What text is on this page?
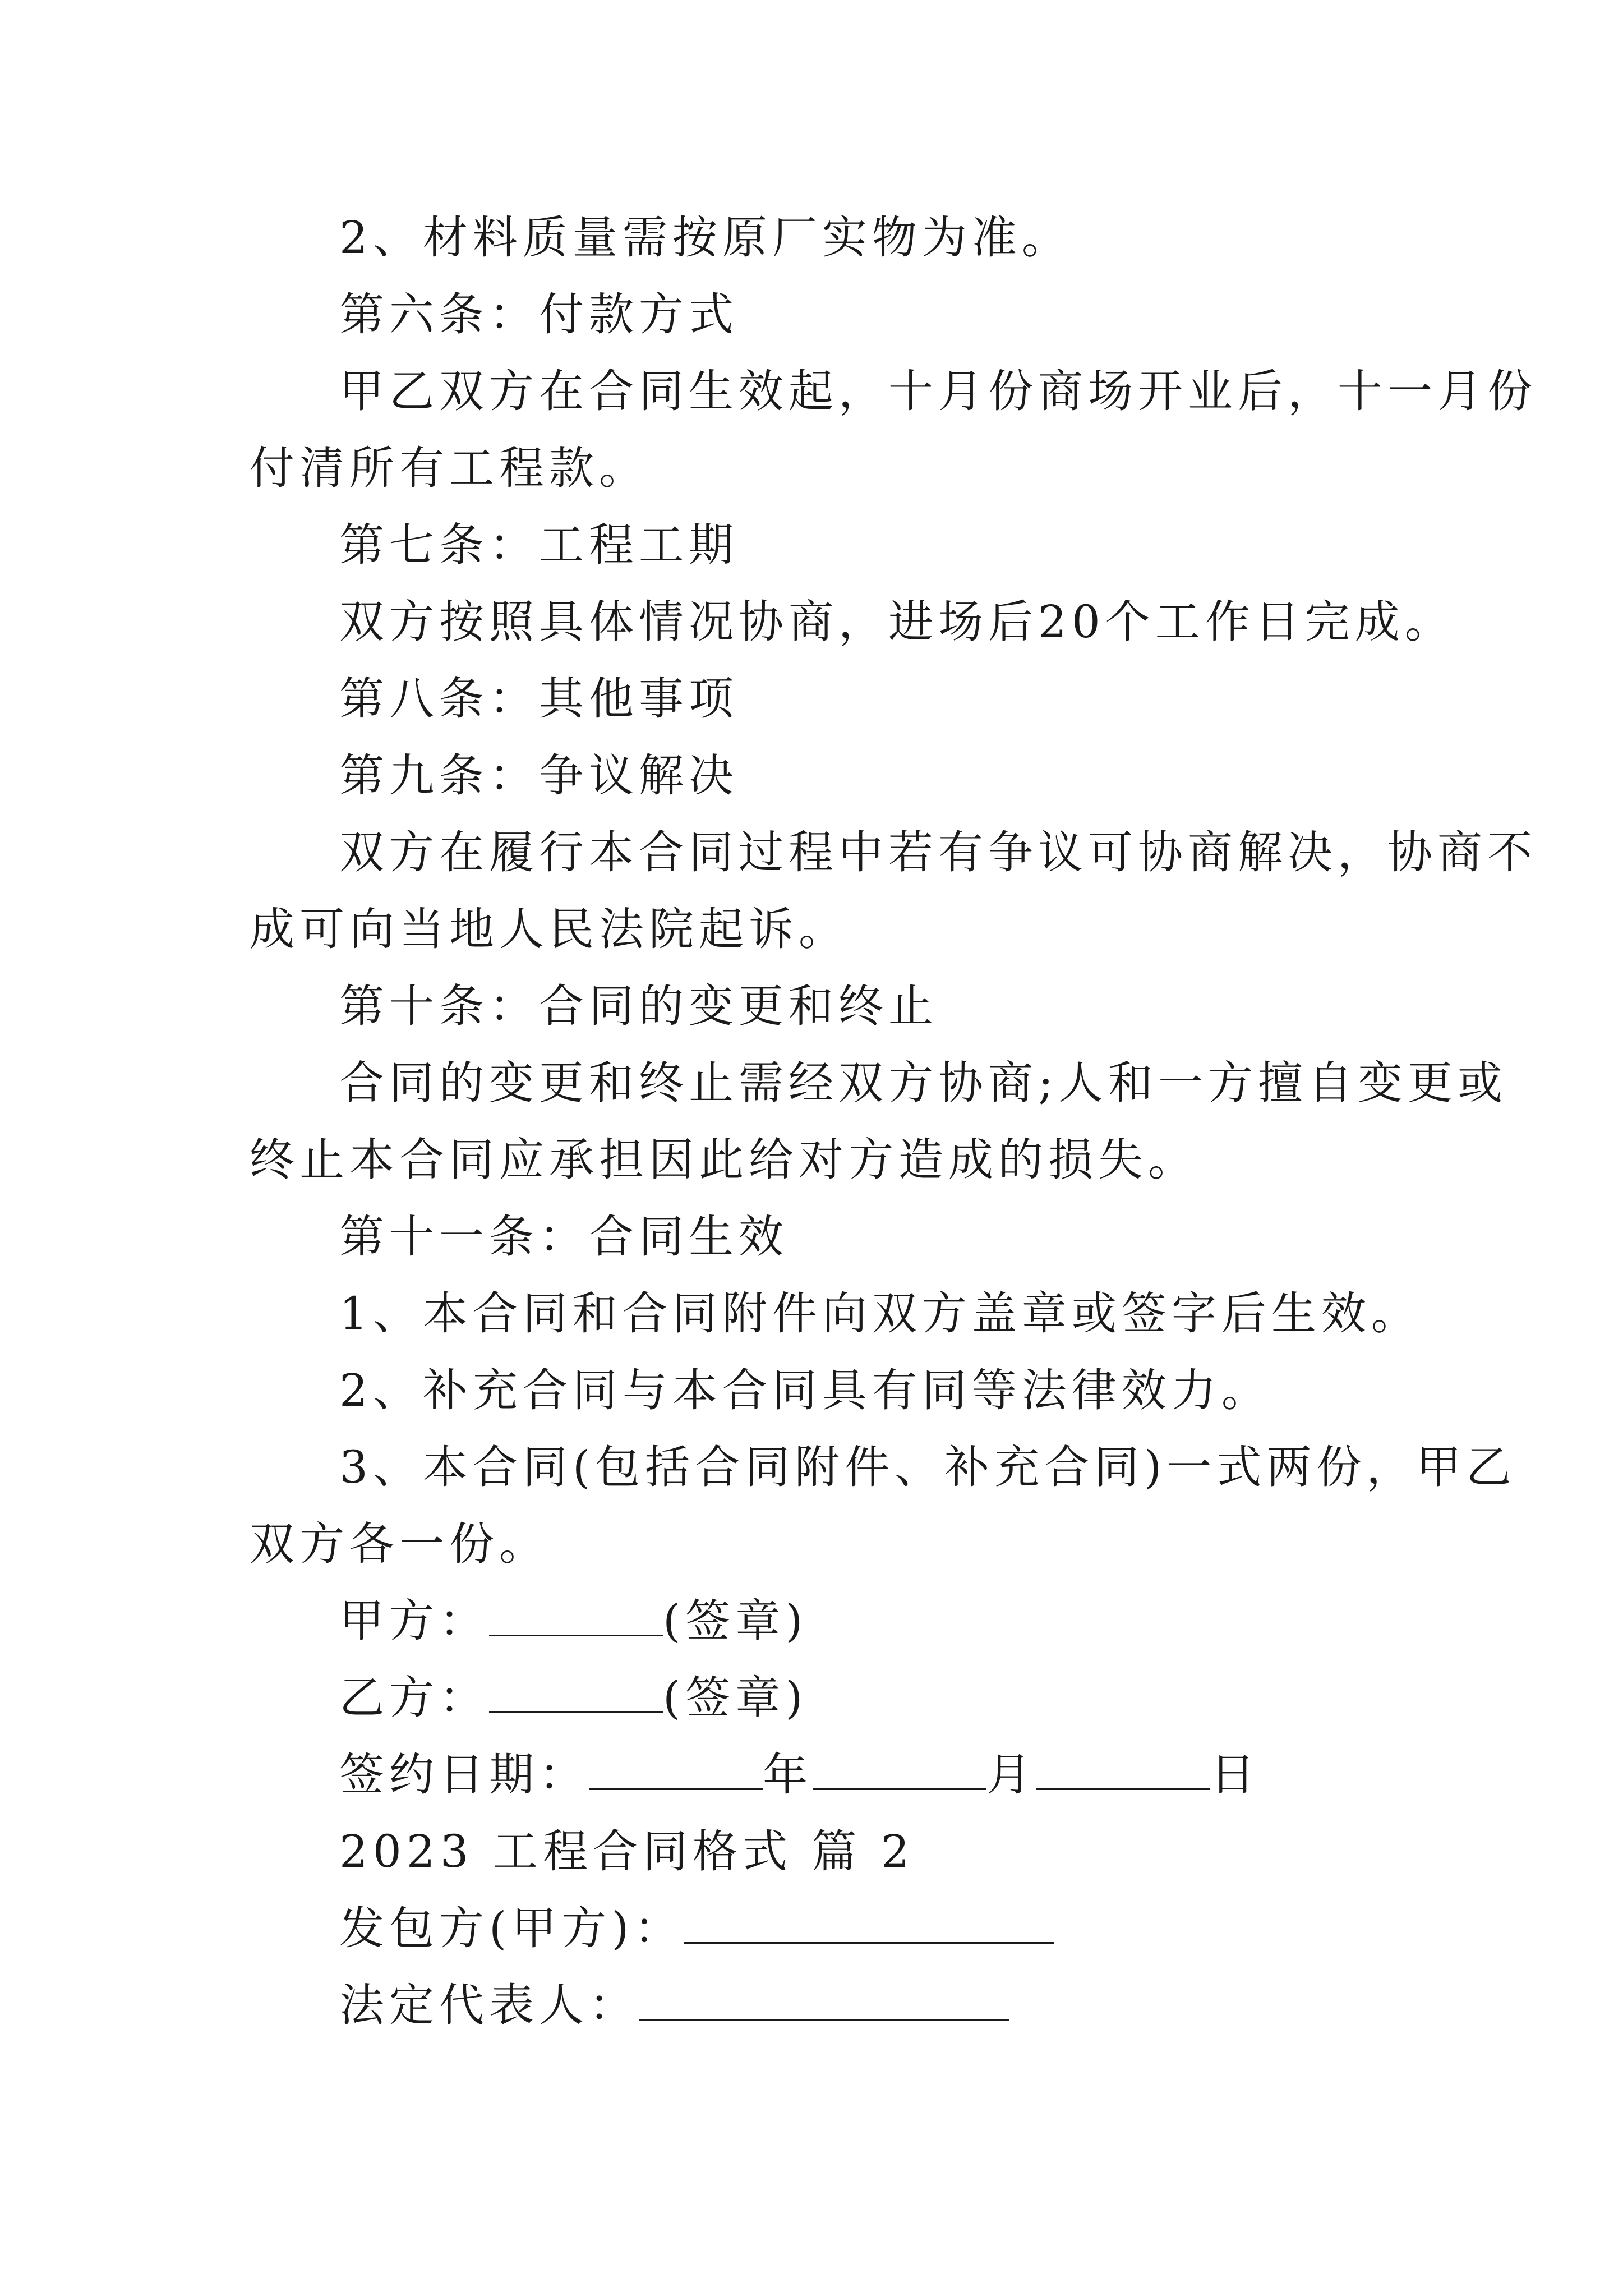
2、材料质量需按原厂实物为准。
第六条：付款方式
甲乙双方在合同生效起，十月份商场开业后，十一月份
付清所有工程款。
第七条：工程工期
双方按照具体情况协商，进场后20个工作日完成。
第八条：其他事项
第九条：争议解决
双方在履行本合同过程中若有争议可协商解决，协商不
成可向当地人民法院起诉。
第十条：合同的变更和终止
合同的变更和终止需经双方协商;人和一方擅自变更或
终止本合同应承担因此给对方造成的损失。
第十一条：合同生效
1、本合同和合同附件向双方盖章或签字后生效。
2、补充合同与本合同具有同等法律效力。
3、本合同(包括合同附件、补充合同)一式两份，甲乙
双方各一份。
甲方：	(签章)
乙方：	(签章)
签约日期：	年	月	日
2023 工程合同格式 篇 2
发包方(甲方)：
法定代表人：
